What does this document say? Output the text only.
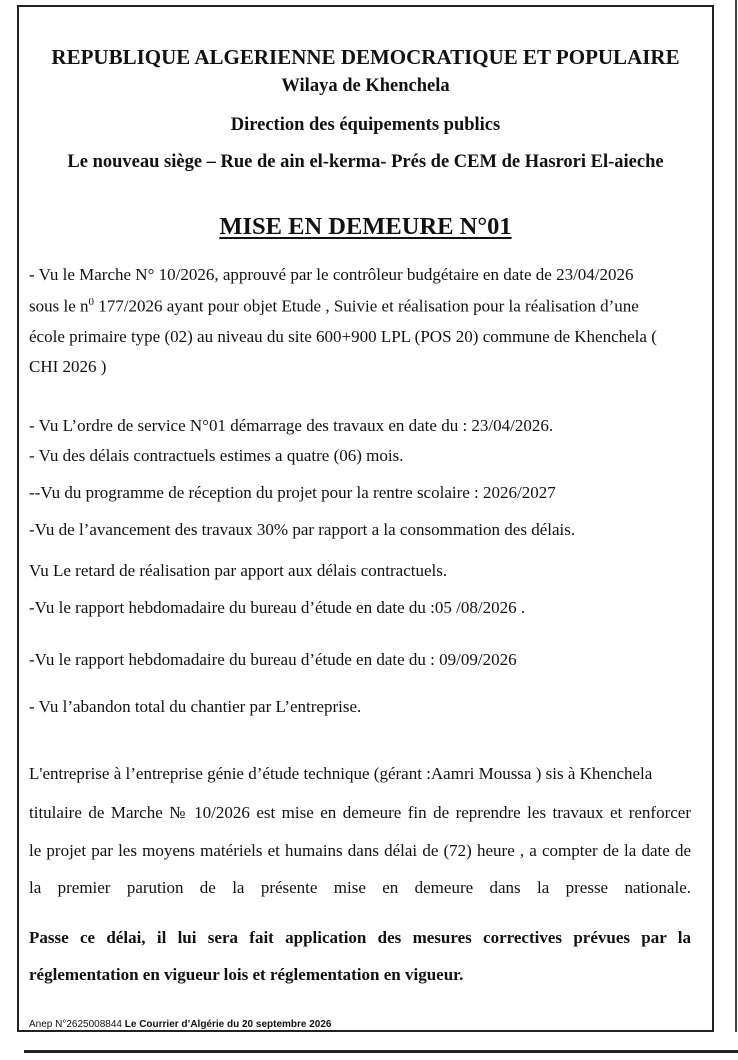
REPUBLIQUE ALGERIENNE DEMOCRATIQUE ET POPULAIRE
Wilaya de Khenchela
Direction des équipements publics
Le nouveau siège – Rue de ain el-kerma- Prés de CEM de Hasrori El-aieche
MISE EN DEMEURE N°01
- Vu le Marche N° 10/2026, approuvé par le contrôleur budgétaire en date de 23/04/2026
sous le $n^0$ 177/2026 ayant pour objet Etude , Suivie et réalisation pour la réalisation d’une
école primaire type (02) au niveau du site 600+900 LPL (POS 20) commune de Khenchela (
CHI 2026 )
- Vu L’ordre de service N°01 démarrage des travaux en date du : 23/04/2026.
- Vu des délais contractuels estimes a quatre (06) mois.
--Vu du programme de réception du projet pour la rentre scolaire : 2026/2027
-Vu de l’avancement des travaux 30% par rapport a la consommation des délais.
Vu Le retard de réalisation par apport aux délais contractuels.
-Vu le rapport hebdomadaire du bureau d’étude en date du :05 /08/2026 .
-Vu le rapport hebdomadaire du bureau d’étude en date du : 09/09/2026
- Vu l’abandon total du chantier par L’entreprise.
L'entreprise à l’entreprise génie d’étude technique (gérant :Aamri Moussa ) sis à Khenchela
titulaire de Marche № 10/2026 est mise en demeure fin de reprendre les travaux et renforcer
le projet par les moyens matériels et humains dans délai de (72) heure , a compter de la date de
la premier parution de la présente mise en demeure dans la presse nationale.
Passe ce délai, il lui sera fait application des mesures correctives prévues par la
réglementation en vigueur lois et réglementation en vigueur.
Anep N°2625008844 Le Courrier d’Algérie du 20 septembre 2026
